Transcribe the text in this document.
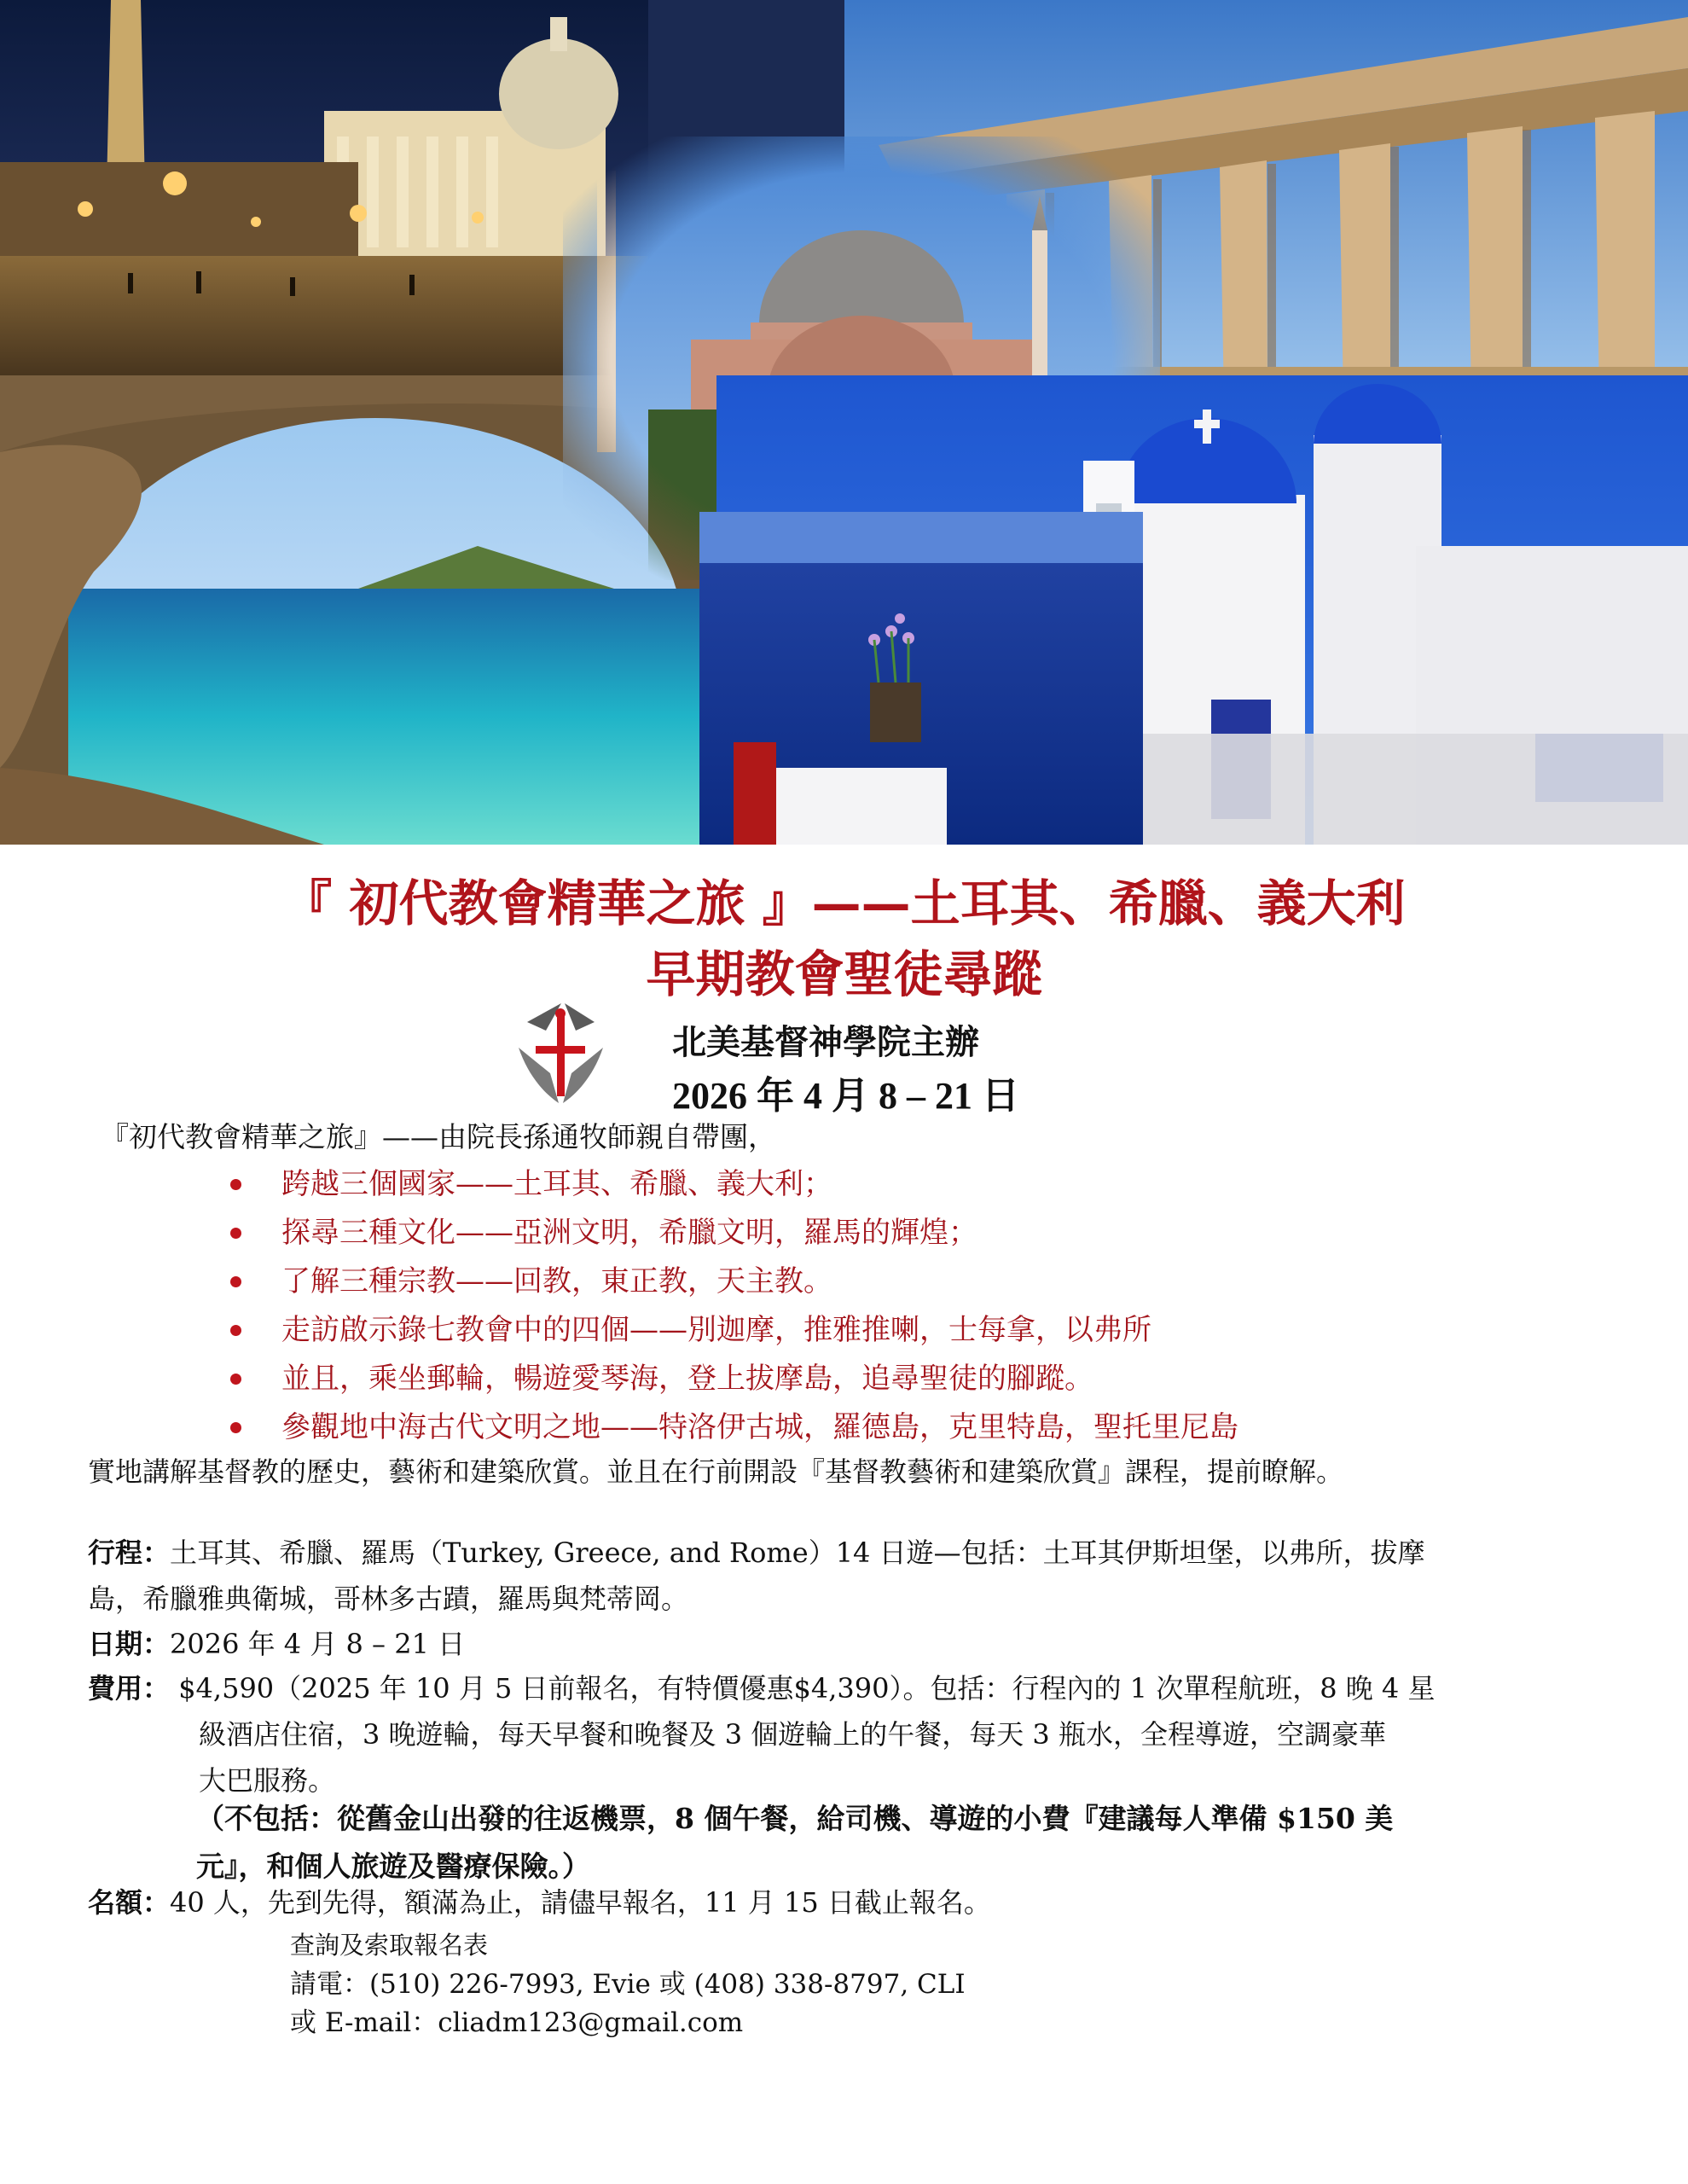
『 初代教會精華之旅 』——土耳其、希臘、義大利
早期教會聖徒尋蹤
北美基督神學院主辦
2026 年 4 月 8 – 21 日
『初代教會精華之旅』——由院長孫通牧師親自帶團，
跨越三個國家——土耳其、希臘、義大利；
探尋三種文化——亞洲文明，希臘文明，羅馬的輝煌；
了解三種宗教——回教，東正教，天主教。
走訪啟示錄七教會中的四個——別迦摩，推雅推喇，士每拿，以弗所
並且，乘坐郵輪，暢遊愛琴海，登上拔摩島，追尋聖徒的腳蹤。
參觀地中海古代文明之地——特洛伊古城，羅德島，克里特島，聖托里尼島
實地講解基督教的歷史，藝術和建築欣賞。並且在行前開設『基督教藝術和建築欣賞』課程，提前瞭解。
行程：土耳其、希臘、羅馬（Turkey, Greece, and Rome）14 日遊—包括：土耳其伊斯坦堡，以弗所，拔摩
島，希臘雅典衛城，哥林多古蹟，羅馬與梵蒂岡。
日期：2026 年 4 月 8 – 21 日
費用： $4,590（2025 年 10 月 5 日前報名，有特價優惠$4,390）。包括：行程內的 1 次單程航班，8 晚 4 星
級酒店住宿，3 晚遊輪，每天早餐和晚餐及 3 個遊輪上的午餐，每天 3 瓶水，全程導遊，空調豪華
大巴服務。
（不包括：從舊金山出發的往返機票，8 個午餐，給司機、導遊的小費『建議每人準備 $150 美
元』，和個人旅遊及醫療保險。）
名額：40 人，先到先得，額滿為止，請儘早報名，11 月 15 日截止報名。
查詢及索取報名表
請電：(510) 226-7993, Evie 或 (408) 338-8797, CLI
或 E-mail：cliadm123@gmail.com
